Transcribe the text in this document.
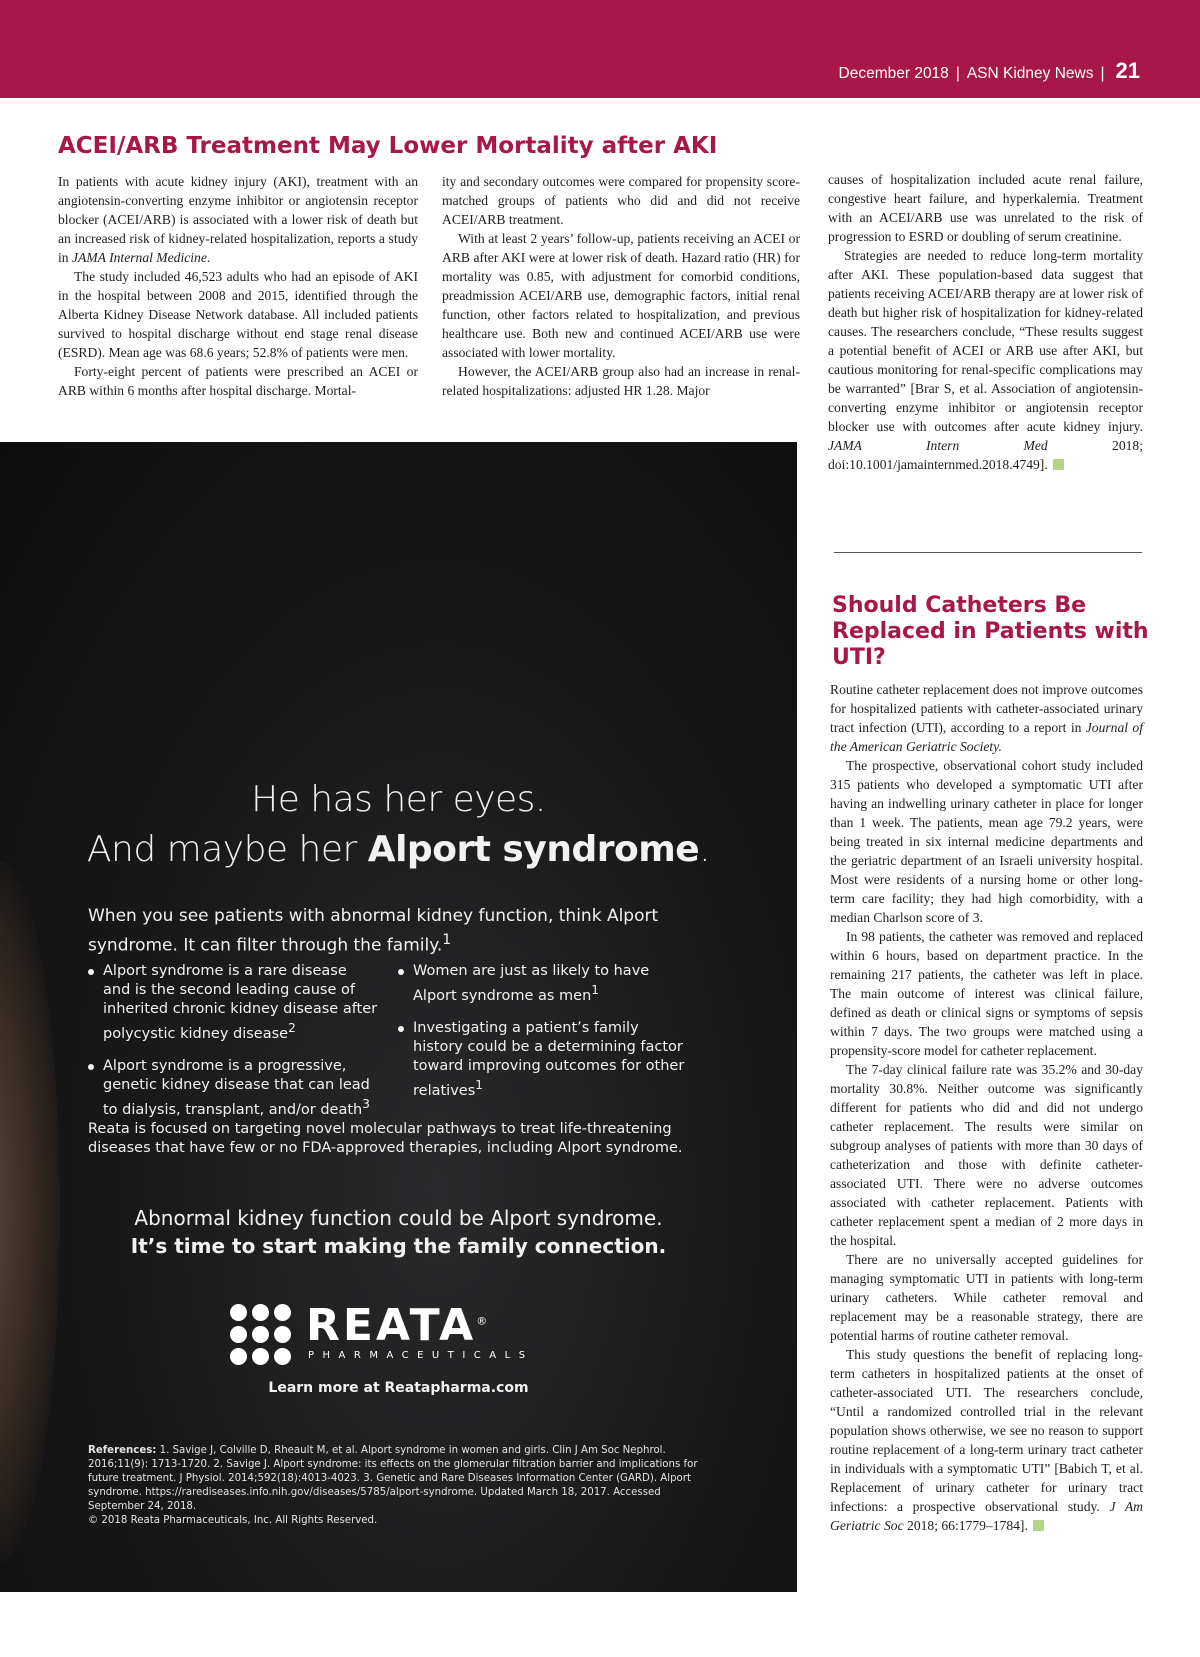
December 2018 | ASN Kidney News | 21
ACEI/ARB Treatment May Lower Mortality after AKI

In patients with acute kidney injury (AKI), treatment with an angiotensin-converting enzyme inhibitor or angiotensin receptor blocker (ACEI/ARB) is associated with a lower risk of death but an increased risk of kidney-related hospitalization, reports a study in JAMA Internal Medicine.

The study included 46,523 adults who had an episode of AKI in the hospital between 2008 and 2015, identified through the Alberta Kidney Disease Network database. All included patients survived to hospital discharge without end stage renal disease (ESRD). Mean age was 68.6 years; 52.8% of patients were men.

Forty-eight percent of patients were prescribed an ACEI or ARB within 6 months after hospital discharge. Mortal-

ity and secondary outcomes were compared for propensity score-matched groups of patients who did and did not receive ACEI/ARB treatment.

With at least 2 years’ follow-up, patients receiving an ACEI or ARB after AKI were at lower risk of death. Hazard ratio (HR) for mortality was 0.85, with adjustment for comorbid conditions, preadmission ACEI/ARB use, demographic factors, initial renal function, other factors related to hospitalization, and previous healthcare use. Both new and continued ACEI/ARB use were associated with lower mortality.

However, the ACEI/ARB group also had an increase in renal-related hospitalizations: adjusted HR 1.28. Major

causes of hospitalization included acute renal failure, congestive heart failure, and hyperkalemia. Treatment with an ACEI/ARB use was unrelated to the risk of progression to ESRD or doubling of serum creatinine.

Strategies are needed to reduce long-term mortality after AKI. These population-based data suggest that patients receiving ACEI/ARB therapy are at lower risk of death but higher risk of hospitalization for kidney-related causes. The researchers conclude, “These results suggest a potential benefit of ACEI or ARB use after AKI, but cautious monitoring for renal-specific complications may be warranted” [Brar S, et al. Association of angiotensin-converting enzyme inhibitor or angiotensin receptor blocker use with outcomes after acute kidney injury. JAMA Intern Med 2018; doi:10.1001/jamainternmed.2018.4749].

Should Catheters Be Replaced in Patients with UTI?

Routine catheter replacement does not improve outcomes for hospitalized patients with catheter-associated urinary tract infection (UTI), according to a report in Journal of the American Geriatric Society.

The prospective, observational cohort study included 315 patients who developed a symptomatic UTI after having an indwelling urinary catheter in place for longer than 1 week. The patients, mean age 79.2 years, were being treated in six internal medicine departments and the geriatric department of an Israeli university hospital. Most were residents of a nursing home or other long-term care facility; they had high comorbidity, with a median Charlson score of 3.

In 98 patients, the catheter was removed and replaced within 6 hours, based on department practice. In the remaining 217 patients, the catheter was left in place. The main outcome of interest was clinical failure, defined as death or clinical signs or symptoms of sepsis within 7 days. The two groups were matched using a propensity-score model for catheter replacement.

The 7-day clinical failure rate was 35.2% and 30-day mortality 30.8%. Neither outcome was significantly different for patients who did and did not undergo catheter replacement. The results were similar on subgroup analyses of patients with more than 30 days of catheterization and those with definite catheter-associated UTI. There were no adverse outcomes associated with catheter replacement. Patients with catheter replacement spent a median of 2 more days in the hospital.

There are no universally accepted guidelines for managing symptomatic UTI in patients with long-term urinary catheters. While catheter removal and replacement may be a reasonable strategy, there are potential harms of routine catheter removal.

This study questions the benefit of replacing long-term catheters in hospitalized patients at the onset of catheter-associated UTI. The researchers conclude, “Until a randomized controlled trial in the relevant population shows otherwise, we see no reason to support routine replacement of a long-term urinary tract catheter in individuals with a symptomatic UTI” [Babich T, et al. Replacement of urinary catheter for urinary tract infections: a prospective observational study. J Am Geriatric Soc 2018; 66:1779–1784].

He has her eyes.
And maybe her Alport syndrome.
When you see patients with abnormal kidney function, think Alport syndrome. It can filter through the family.$^1$
Alport syndrome is a rare disease and is the second leading cause of inherited chronic kidney disease after polycystic kidney disease$^2$
Alport syndrome is a progressive, genetic kidney disease that can lead to dialysis, transplant, and/or death$^3$
Women are just as likely to have Alport syndrome as men$^1$
Investigating a patient’s family history could be a determining factor toward improving outcomes for other relatives$^1$
Reata is focused on targeting novel molecular pathways to treat life-threatening diseases that have few or no FDA-approved therapies, including Alport syndrome.
Abnormal kidney function could be Alport syndrome.
It’s time to start making the family connection.
REATA®
PHARMACEUTICALS
Learn more at Reatapharma.com
References: 1. Savige J, Colville D, Rheault M, et al. Alport syndrome in women and girls. Clin J Am Soc Nephrol. 2016;11(9): 1713-1720. 2. Savige J. Alport syndrome: its effects on the glomerular filtration barrier and implications for future treatment. J Physiol. 2014;592(18):4013-4023. 3. Genetic and Rare Diseases Information Center (GARD). Alport syndrome. https://rarediseases.info.nih.gov/diseases/5785/alport-syndrome. Updated March 18, 2017. Accessed September 24, 2018.
© 2018 Reata Pharmaceuticals, Inc. All Rights Reserved.
